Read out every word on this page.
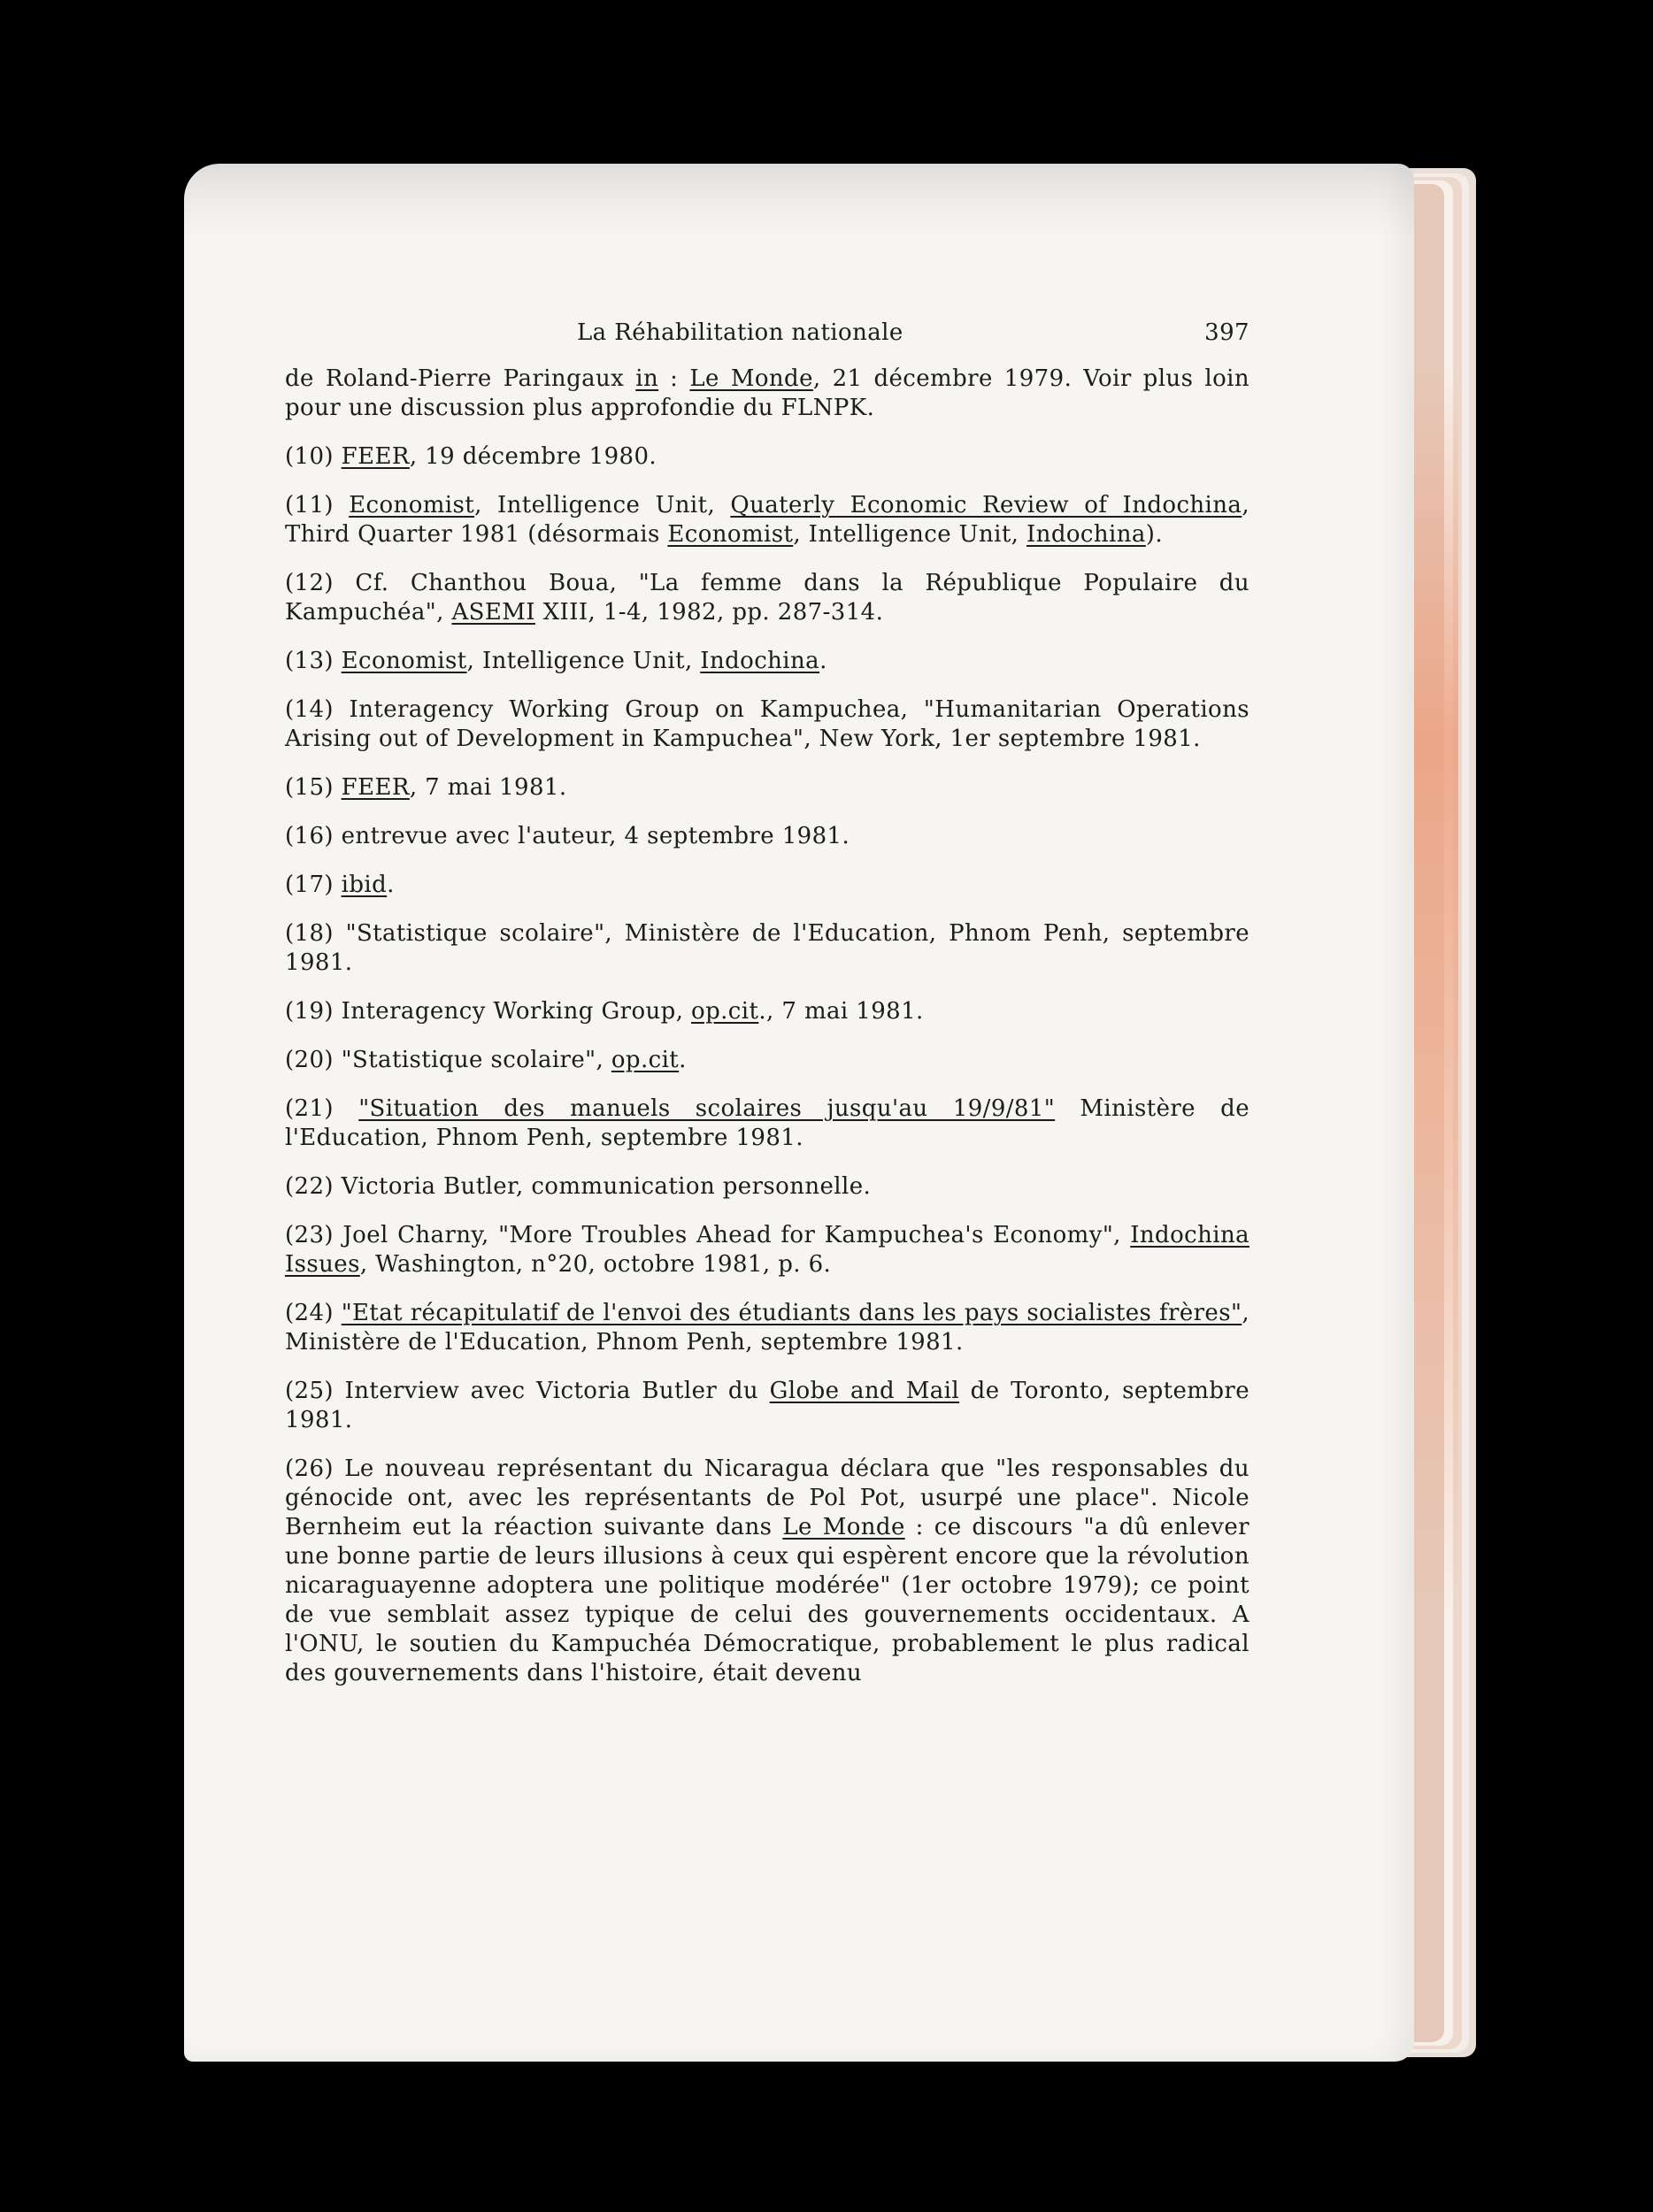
La Réhabilitation nationale	397

de Roland-Pierre Paringaux in : Le Monde, 21 décembre 1979. Voir plus loin pour une discussion plus approfondie du FLNPK.

(10) FEER, 19 décembre 1980.

(11) Economist, Intelligence Unit, Quaterly Economic Review of Indochina, Third Quarter 1981 (désormais Economist, Intelligence Unit, Indochina).

(12) Cf. Chanthou Boua, "La femme dans la République Populaire du Kampuchéa", ASEMI XIII, 1-4, 1982, pp. 287-314.

(13) Economist, Intelligence Unit, Indochina.

(14) Interagency Working Group on Kampuchea, "Humanitarian Operations Arising out of Development in Kampuchea", New York, 1er septembre 1981.

(15) FEER, 7 mai 1981.

(16) entrevue avec l'auteur, 4 septembre 1981.

(17) ibid.

(18) "Statistique scolaire", Ministère de l'Education, Phnom Penh, septembre 1981.

(19) Interagency Working Group, op.cit., 7 mai 1981.

(20) "Statistique scolaire", op.cit.

(21) "Situation des manuels scolaires jusqu'au 19/9/81" Ministère de l'Education, Phnom Penh, septembre 1981.

(22) Victoria Butler, communication personnelle.

(23) Joel Charny, "More Troubles Ahead for Kampuchea's Economy", Indochina Issues, Washington, n°20, octobre 1981, p. 6.

(24) "Etat récapitulatif de l'envoi des étudiants dans les pays socialistes frères", Ministère de l'Education, Phnom Penh, septembre 1981.

(25) Interview avec Victoria Butler du Globe and Mail de Toronto, septembre 1981.

(26) Le nouveau représentant du Nicaragua déclara que "les responsables du génocide ont, avec les représentants de Pol Pot, usurpé une place". Nicole Bernheim eut la réaction suivante dans Le Monde : ce discours "a dû enlever une bonne partie de leurs illusions à ceux qui espèrent encore que la révolution nicaraguayenne adoptera une politique modérée" (1er octobre 1979); ce point de vue semblait assez typique de celui des gouvernements occidentaux. A l'ONU, le soutien du Kampuchéa Démocratique, probablement le plus radical des gouvernements dans l'histoire, était devenu
